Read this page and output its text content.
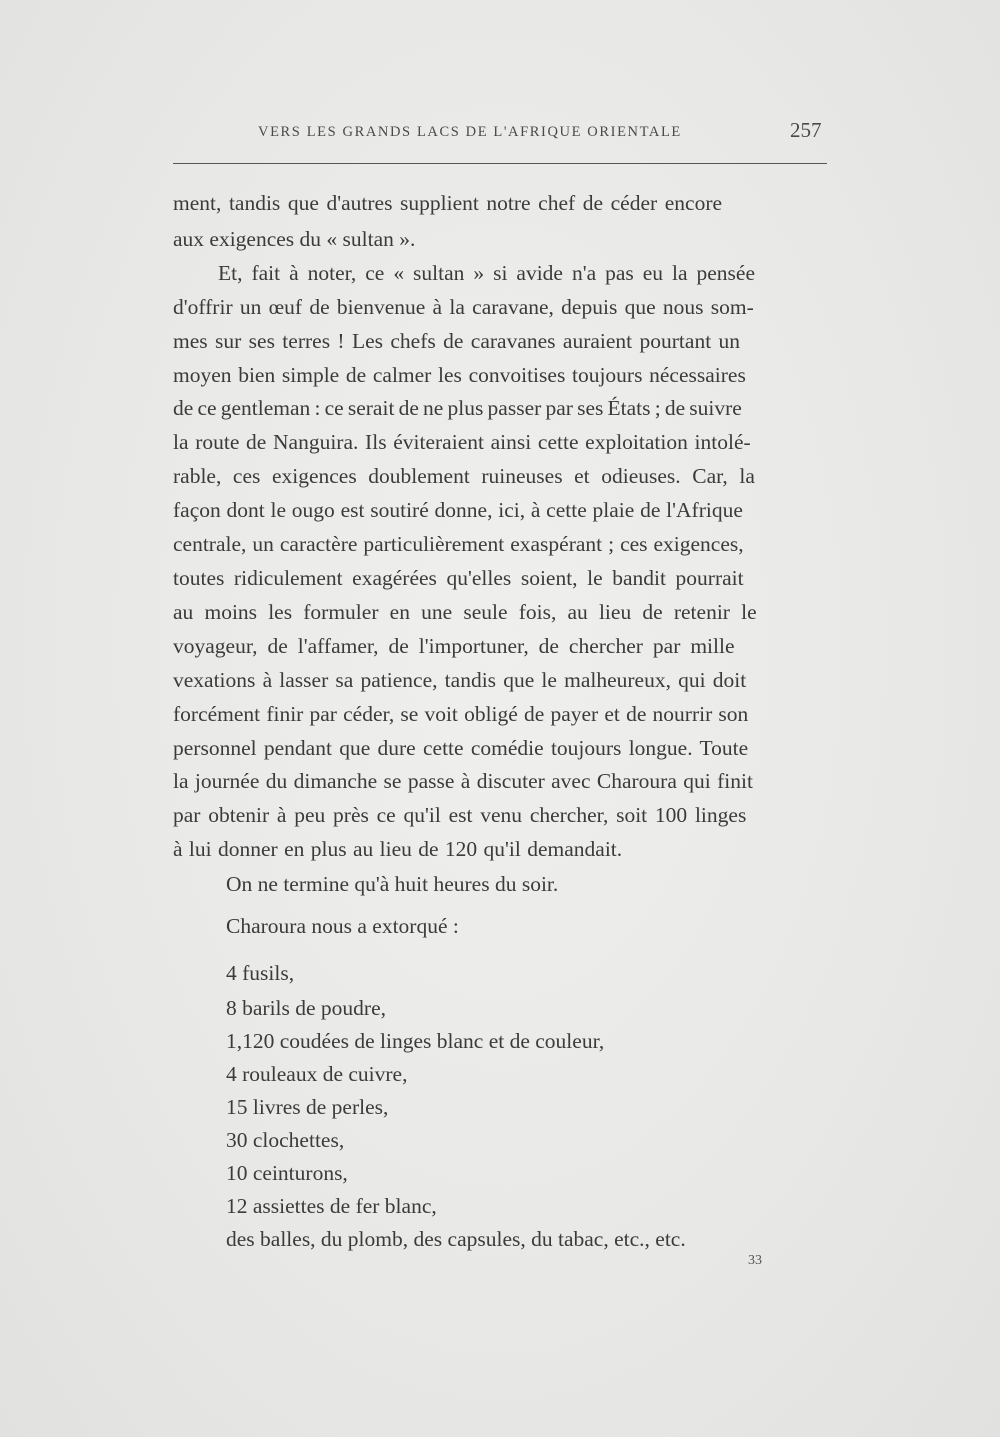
VERS LES GRANDS LACS DE L'AFRIQUE ORIENTALE	257
ment, tandis que d'autres supplient notre chef de céder encore
aux exigences du « sultan ».
Et, fait à noter, ce « sultan » si avide n'a pas eu la pensée
d'offrir un œuf de bienvenue à la caravane, depuis que nous som-
mes sur ses terres ! Les chefs de caravanes auraient pourtant un
moyen bien simple de calmer les convoitises toujours nécessaires
de ce gentleman : ce serait de ne plus passer par ses États ; de suivre
la route de Nanguira. Ils éviteraient ainsi cette exploitation intolé-
rable, ces exigences doublement ruineuses et odieuses. Car, la
façon dont le ougo est soutiré donne, ici, à cette plaie de l'Afrique
centrale, un caractère particulièrement exaspérant ; ces exigences,
toutes ridiculement exagérées qu'elles soient, le bandit pourrait
au moins les formuler en une seule fois, au lieu de retenir le
voyageur, de l'affamer, de l'importuner, de chercher par mille
vexations à lasser sa patience, tandis que le malheureux, qui doit
forcément finir par céder, se voit obligé de payer et de nourrir son
personnel pendant que dure cette comédie toujours longue. Toute
la journée du dimanche se passe à discuter avec Charoura qui finit
par obtenir à peu près ce qu'il est venu chercher, soit 100 linges
à lui donner en plus au lieu de 120 qu'il demandait.
On ne termine qu'à huit heures du soir.
Charoura nous a extorqué :
4 fusils,
8 barils de poudre,
1,120 coudées de linges blanc et de couleur,
4 rouleaux de cuivre,
15 livres de perles,
30 clochettes,
10 ceinturons,
12 assiettes de fer blanc,
des balles, du plomb, des capsules, du tabac, etc., etc.
33
